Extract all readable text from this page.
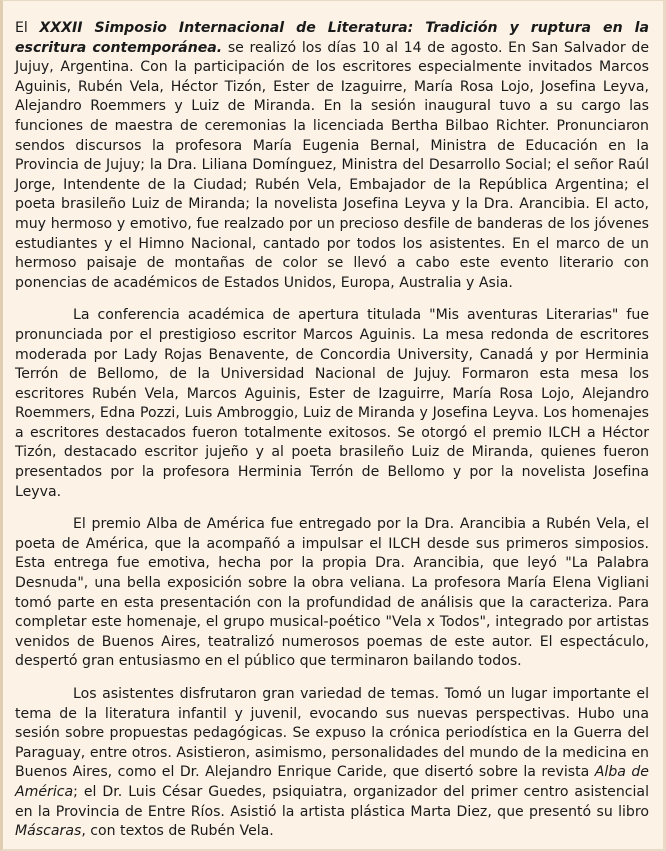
El XXXII Simposio Internacional de Literatura: Tradición y ruptura en la escritura contemporánea. se realizó los días 10 al 14 de agosto. En San Salvador de Jujuy, Argentina. Con la participación de los escritores especialmente invitados Marcos Aguinis, Rubén Vela, Héctor Tizón, Ester de Izaguirre, María Rosa Lojo, Josefina Leyva, Alejandro Roemmers y Luiz de Miranda. En la sesión inaugural tuvo a su cargo las funciones de maestra de ceremonias la licenciada Bertha Bilbao Richter. Pronunciaron sendos discursos la profesora María Eugenia Bernal, Ministra de Educación en la Provincia de Jujuy; la Dra. Liliana Domínguez, Ministra del Desarrollo Social; el señor Raúl Jorge, Intendente de la Ciudad; Rubén Vela, Embajador de la República Argentina; el poeta brasileño Luiz de Miranda; la novelista Josefina Leyva y la Dra. Arancibia. El acto, muy hermoso y emotivo, fue realzado por un precioso desfile de banderas de los jóvenes estudiantes y el Himno Nacional, cantado por todos los asistentes. En el marco de un hermoso paisaje de montañas de color se llevó a cabo este evento literario con ponencias de académicos de Estados Unidos, Europa, Australia y Asia.

La conferencia académica de apertura titulada "Mis aventuras Literarias" fue pronunciada por el prestigioso escritor Marcos Aguinis. La mesa redonda de escritores moderada por Lady Rojas Benavente, de Concordia University, Canadá y por Herminia Terrón de Bellomo, de la Universidad Nacional de Jujuy. Formaron esta mesa los escritores Rubén Vela, Marcos Aguinis, Ester de Izaguirre, María Rosa Lojo, Alejandro Roemmers, Edna Pozzi, Luis Ambroggio, Luiz de Miranda y Josefina Leyva. Los homenajes a escritores destacados fueron totalmente exitosos. Se otorgó el premio ILCH a Héctor Tizón, destacado escritor jujeño y al poeta brasileño Luiz de Miranda, quienes fueron presentados por la profesora Herminia Terrón de Bellomo y por la novelista Josefina Leyva.

El premio Alba de América fue entregado por la Dra. Arancibia a Rubén Vela, el poeta de América, que la acompañó a impulsar el ILCH desde sus primeros simposios. Esta entrega fue emotiva, hecha por la propia Dra. Arancibia, que leyó "La Palabra Desnuda", una bella exposición sobre la obra veliana. La profesora María Elena Vigliani tomó parte en esta presentación con la profundidad de análisis que la caracteriza. Para completar este homenaje, el grupo musical-poético "Vela x Todos", integrado por artistas venidos de Buenos Aires, teatralizó numerosos poemas de este autor. El espectáculo, despertó gran entusiasmo en el público que terminaron bailando todos.

Los asistentes disfrutaron gran variedad de temas. Tomó un lugar importante el tema de la literatura infantil y juvenil, evocando sus nuevas perspectivas. Hubo una sesión sobre propuestas pedagógicas. Se expuso la crónica periodística en la Guerra del Paraguay, entre otros. Asistieron, asimismo, personalidades del mundo de la medicina en Buenos Aires, como el Dr. Alejandro Enrique Caride, que disertó sobre la revista Alba de América; el Dr. Luis César Guedes, psiquiatra, organizador del primer centro asistencial en la Provincia de Entre Ríos. Asistió la artista plástica Marta Diez, que presentó su libro Máscaras, con textos de Rubén Vela.
